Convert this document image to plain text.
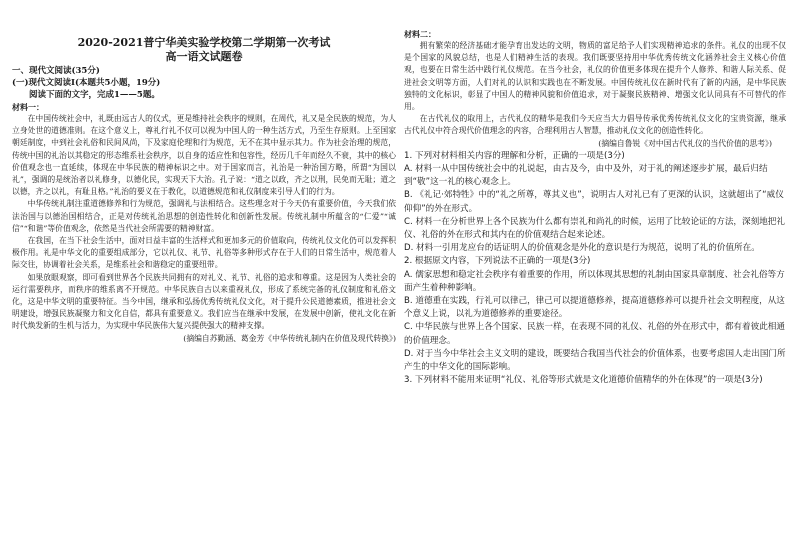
2020-2021普宁华美实验学校第二学期第一次考试

高一语文试题卷

一、现代文阅读(35分)

(一)现代文阅读Ⅰ(本题共5小题，19分)

阅读下面的文字，完成1——5题。

材料一：

在中国传统社会中，礼既由远古人的仪式，更是维持社会秩序的规则，在周代，礼又是全民族的规范，为人立身处世的道德准则。在这个意义上，尊礼行礼不仅可以视为中国人的一种生活方式，乃至生存原则。上至国家朝廷制度，中到社会礼俗和民间风尚，下及家庭伦理和行为规范，无不在其中显示其力。作为社会治理的规范，传统中国的礼治以其稳定的形态维系社会秩序，以自身的适应性和包容性，经历几千年而经久不衰，其中的核心价值观念也一直延续，体现在中华民族的精神标识之中。对于国家而言，礼治是一种治国方略，所谓“为国以礼”，强调的是统治者以礼修身，以德化民，实现天下大治。孔子说：“道之以政，齐之以刑，民免而无耻；道之以德，齐之以礼，有耻且格。”礼治的要义在于教化，以道德规范和礼仪制度来引导人们的行为。

中华传统礼制注重道德修养和行为规范，强调礼与法相结合。这些理念对于今天仍有重要价值，今天我们依法治国与以德治国相结合，正是对传统礼治思想的创造性转化和创新性发展。传统礼制中所蕴含的“仁爱”“诚信”“和谐”等价值观念，依然是当代社会所需要的精神财富。

在我国，在当下社会生活中，面对日益丰富的生活样式和更加多元的价值取向，传统礼仪文化仍可以发挥积极作用。礼是中华文化的重要组成部分，它以礼仪、礼节、礼俗等多种形式存在于人们的日常生活中，规范着人际交往，协调着社会关系，是维系社会和谐稳定的重要纽带。

如果放眼观察，即可看到世界各个民族共同拥有的对礼义、礼节、礼俗的追求和尊重。这是因为人类社会的运行需要秩序，而秩序的维系离不开规范。中华民族自古以来重视礼仪，形成了系统完备的礼仪制度和礼俗文化，这是中华文明的重要特征。当今中国，继承和弘扬优秀传统礼仪文化，对于提升公民道德素质，推进社会文明建设，增强民族凝聚力和文化自信，都具有重要意义。我们应当在继承中发展，在发展中创新，使礼文化在新时代焕发新的生机与活力，为实现中华民族伟大复兴提供强大的精神支撑。

(摘编自苏勤涵、葛金芳《中华传统礼制内在价值及现代转换》)

材料二：

拥有繁荣的经济基础才能孕育出发达的文明，物质的富足给予人们实现精神追求的条件。礼仪的出现不仅是个国家的风貌总结，也是人们精神生活的表现。我们既要坚持用中华优秀传统文化涵养社会主义核心价值观，也要在日常生活中践行礼仪规范。在当今社会，礼仪的价值更多体现在提升个人修养、和谐人际关系、促进社会文明等方面，人们对礼的认识和实践也在不断发展。中国传统礼仪在新时代有了新的内涵，是中华民族独特的文化标识，彰显了中国人的精神风貌和价值追求，对于凝聚民族精神、增强文化认同具有不可替代的作用。

在古代礼仪的取用上，古代礼仪的精华是我们今天应当大力倡导传承优秀传统礼仪文化的宝贵资源，继承古代礼仪中符合现代价值理念的内容，合理利用古人智慧，推动礼仪文化的创造性转化。

(摘编自鲁锐《对中国古代礼仪的当代价值的思考》)

1. 下列对材料相关内容的理解和分析，正确的一项是(3分)

A. 材料一从中国传统社会中的礼说起，由古及今，由中及外，对于礼的阐述逐步扩展，最后归结到“敬”这一礼的核心观念上。

B. 《礼记·郊特牲》中的“礼之所尊，尊其义也”，说明古人对礼已有了更深的认识，这就超出了“威仪仰仰”的外在形式。

C. 材料一在分析世界上各个民族为什么都有崇礼和尚礼的时候，运用了比较论证的方法，深刻地把礼仪、礼俗的外在形式和其内在的价值观结合起来论述。

D. 材料一引用龙应台的话证明人的价值观念是外化的意识是行为规范，说明了礼的价值所在。

2. 根据原文内容，下列说法不正确的一项是(3分)

A. 儒家思想和稳定社会秩序有着重要的作用，所以体现其思想的礼制由国家具章制度、社会礼俗等方面产生着种种影响。

B. 道德重在实践，行礼可以律己，律己可以提道德修养，提高道德修养可以提升社会文明程度，从这个意义上说，以礼为道德修养的重要途径。

C. 中华民族与世界上各个国家、民族一样，在表现不同的礼仪、礼俗的外在形式中，都有着彼此相通的价值理念。

D. 对于当今中华社会主义文明的建设，既要结合我国当代社会的价值体系，也要考虑国人走出国门所产生的中华文化的国际影响。

3. 下列材料不能用来证明“礼仪、礼俗等形式就是文化道德价值精华的外在体现”的一项是(3分)
